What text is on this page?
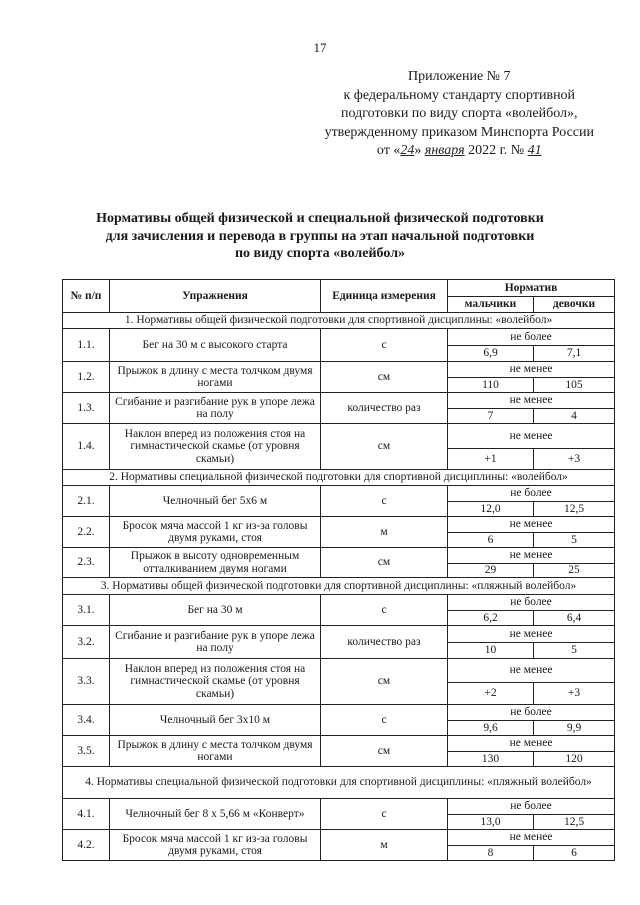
17
Приложение № 7
к федеральному стандарту спортивной
подготовки по виду спорта «волейбол»,
утвержденному приказом Минспорта России
от «24» января 2022 г. № 41
Нормативы общей физической и специальной физической подготовки
для зачисления и перевода в группы на этап начальной подготовки
по виду спорта «волейбол»
№ п/п	Упражнения	Единица измерения	Норматив	
			мальчики	девочки
1. Нормативы общей физической подготовки для спортивной дисциплины: «волейбол»				
1.1.	Бег на 30 м с высокого старта	с	не более	
			6,9	7,1
1.2.	Прыжок в длину с места толчком двумя ногами	см	не менее	
			110	105
1.3.	Сгибание и разгибание рук в упоре лежа на полу	количество раз	не менее	
			7	4
1.4.	Наклон вперед из положения стоя на гимнастической скамье (от уровня скамьи)	см	не менее	
			+1	+3
2. Нормативы специальной физической подготовки для спортивной дисциплины: «волейбол»				
2.1.	Челночный бег 5х6 м	с	не более	
			12,0	12,5
2.2.	Бросок мяча массой 1 кг из-за головы двумя руками, стоя	м	не менее	
			6	5
2.3.	Прыжок в высоту одновременным отталкиванием двумя ногами	см	не менее	
			29	25
3. Нормативы общей физической подготовки для спортивной дисциплины: «пляжный волейбол»				
3.1.	Бег на 30 м	с	не более	
			6,2	6,4
3.2.	Сгибание и разгибание рук в упоре лежа на полу	количество раз	не менее	
			10	5
3.3.	Наклон вперед из положения стоя на гимнастической скамье (от уровня скамьи)	см	не менее	
			+2	+3
3.4.	Челночный бег 3х10 м	с	не более	
			9,6	9,9
3.5.	Прыжок в длину с места толчком двумя ногами	см	не менее	
			130	120
4. Нормативы специальной физической подготовки для спортивной дисциплины: «пляжный волейбол»				
4.1.	Челночный бег 8 х 5,66 м «Конверт»	с	не более	
			13,0	12,5
4.2.	Бросок мяча массой 1 кг из-за головы двумя руками, стоя	м	не менее	
			8	6
